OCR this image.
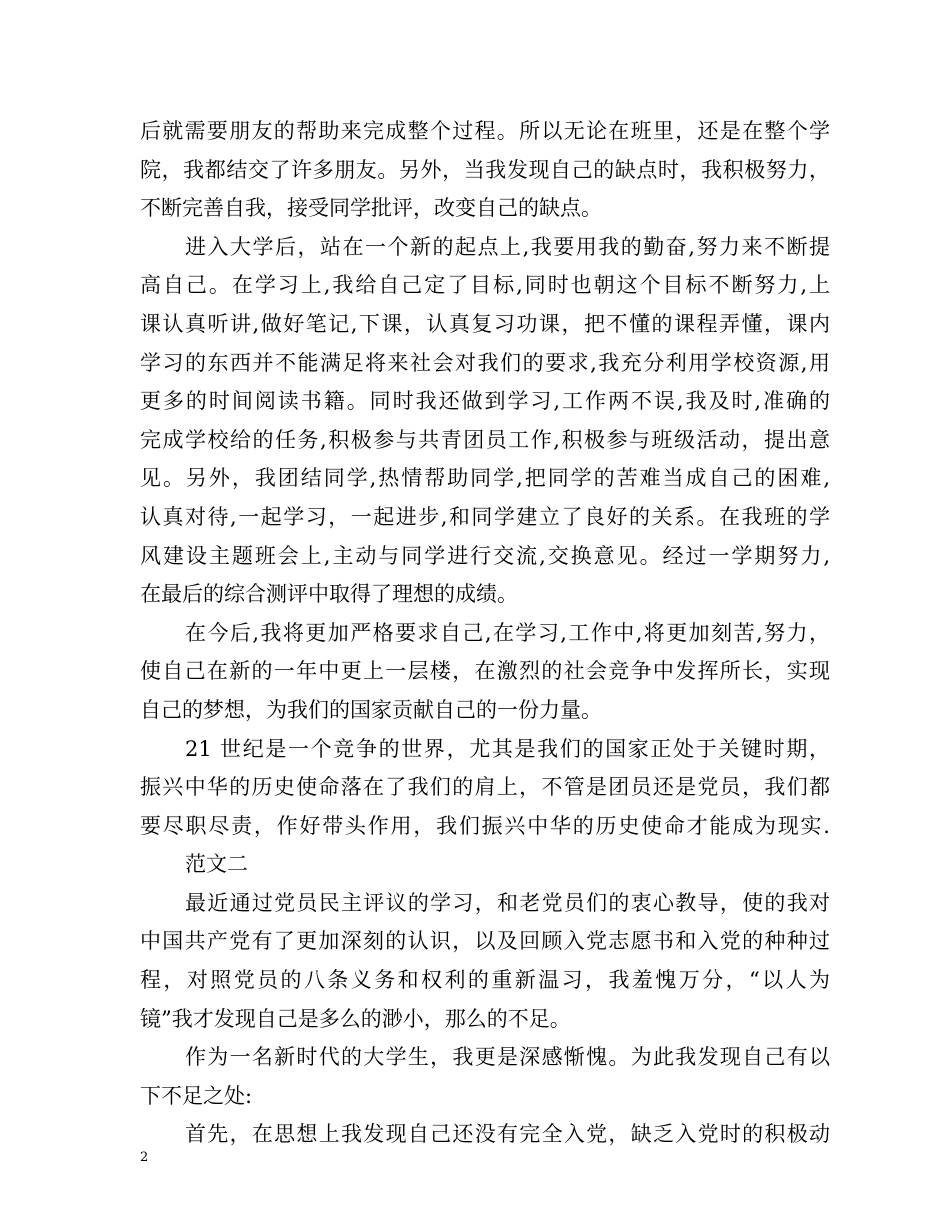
后就需要朋友的帮助来完成整个过程。所以无论在班里，还是在整个学
院，我都结交了许多朋友。另外，当我发现自己的缺点时，我积极努力，
不断完善自我，接受同学批评，改变自己的缺点。
进入大学后，站在一个新的起点上,我要用我的勤奋,努力来不断提
高自己。在学习上,我给自己定了目标,同时也朝这个目标不断努力,上
课认真听讲,做好笔记,下课，认真复习功课，把不懂的课程弄懂，课内
学习的东西并不能满足将来社会对我们的要求,我充分利用学校资源,用
更多的时间阅读书籍。同时我还做到学习,工作两不误,我及时,准确的
完成学校给的任务,积极参与共青团员工作,积极参与班级活动，提出意
见。另外，我团结同学,热情帮助同学,把同学的苦难当成自己的困难,
认真对待,一起学习，一起进步,和同学建立了良好的关系。在我班的学
风建设主题班会上,主动与同学进行交流,交换意见。经过一学期努力,
在最后的综合测评中取得了理想的成绩。
在今后,我将更加严格要求自己,在学习,工作中,将更加刻苦,努力，
使自己在新的一年中更上一层楼，在激烈的社会竞争中发挥所长，实现
自己的梦想，为我们的国家贡献自己的一份力量。
21 世纪是一个竞争的世界，尤其是我们的国家正处于关键时期，
振兴中华的历史使命落在了我们的肩上，不管是团员还是党员，我们都
要尽职尽责，作好带头作用，我们振兴中华的历史使命才能成为现实.
范文二
最近通过党员民主评议的学习，和老党员们的衷心教导，使的我对
中国共产党有了更加深刻的认识，以及回顾入党志愿书和入党的种种过
程，对照党员的八条义务和权利的重新温习，我羞愧万分，“以人为
镜”我才发现自己是多么的渺小，那么的不足。
作为一名新时代的大学生，我更是深感惭愧。为此我发现自己有以
下不足之处:
首先，在思想上我发现自己还没有完全入党，缺乏入党时的积极动
2
